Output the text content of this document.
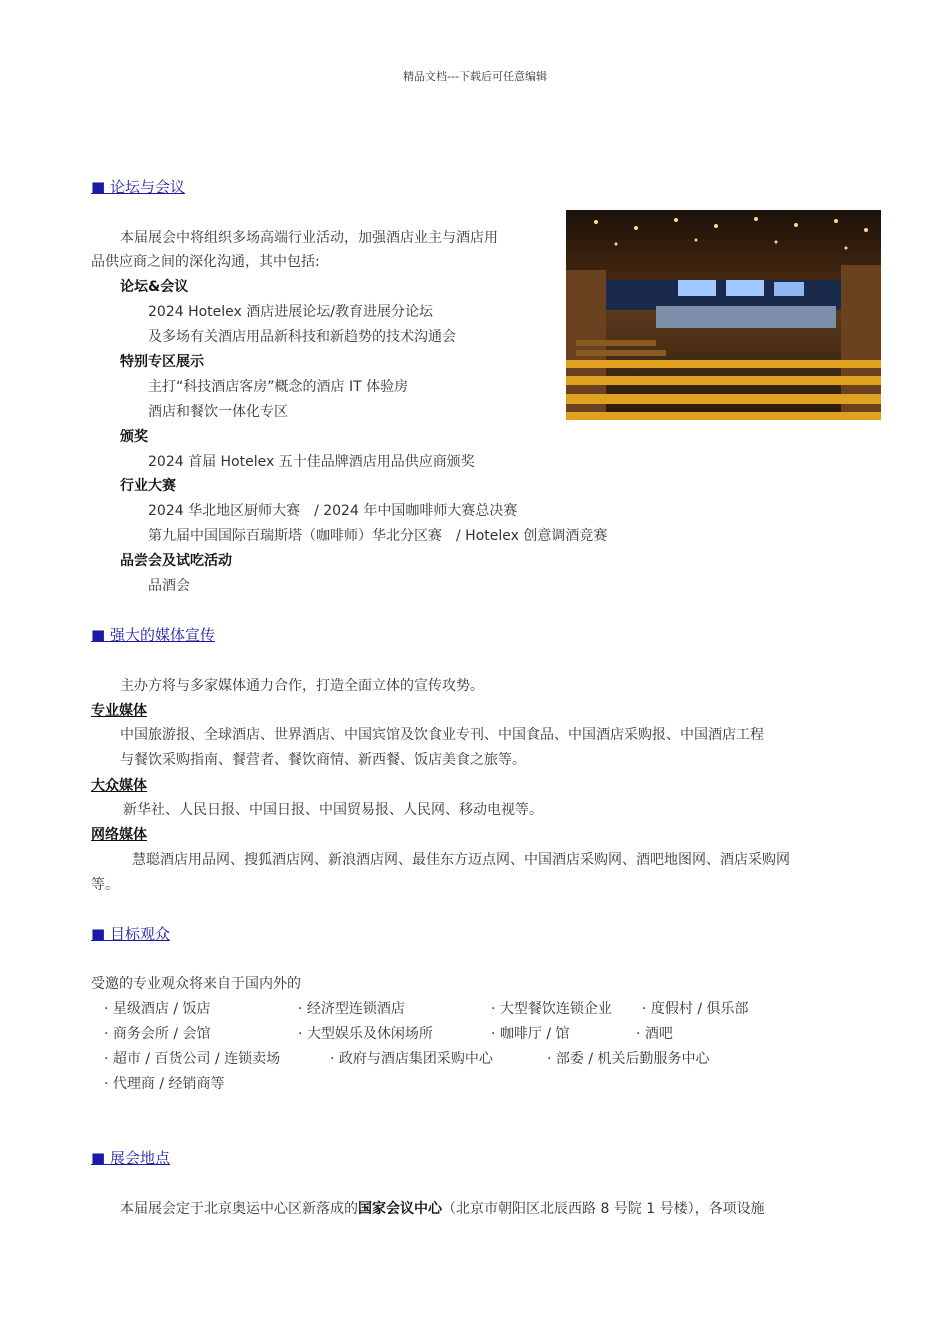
精品文档---下载后可任意编辑
■ 论坛与会议
本届展会中将组织多场高端行业活动，加强酒店业主与酒店用
品供应商之间的深化沟通，其中包括:
论坛&会议
2024 Hotelex 酒店进展论坛/教育进展分论坛
及多场有关酒店用品新科技和新趋势的技术沟通会
特别专区展示
主打“科技酒店客房”概念的酒店 IT 体验房
酒店和餐饮一体化专区
颁奖
2024 首届 Hotelex 五十佳品牌酒店用品供应商颁奖
行业大赛
2024 华北地区厨师大赛　/ 2024 年中国咖啡师大赛总决赛
第九届中国国际百瑞斯塔（咖啡师）华北分区赛　/ Hotelex 创意调酒竞赛
品尝会及试吃活动
品酒会
■ 强大的媒体宣传
主办方将与多家媒体通力合作，打造全面立体的宣传攻势。
专业媒体
中国旅游报、全球酒店、世界酒店、中国宾馆及饮食业专刊、中国食品、中国酒店采购报、中国酒店工程
与餐饮采购指南、餐营者、餐饮商情、新西餐、饭店美食之旅等。
大众媒体
新华社、人民日报、中国日报、中国贸易报、人民网、移动电视等。
网络媒体
慧聪酒店用品网、搜狐酒店网、新浪酒店网、最佳东方迈点网、中国酒店采购网、酒吧地图网、酒店采购网
等。
■ 目标观众
受邀的专业观众将来自于国内外的
· 星级酒店 / 饭店	· 经济型连锁酒店	· 大型餐饮连锁企业 · 度假村 / 俱乐部
· 商务会所 / 会馆	· 大型娱乐及休闲场所	· 咖啡厅 / 馆	· 酒吧
· 超市 / 百货公司 / 连锁卖场	· 政府与酒店集团采购中心	· 部委 / 机关后勤服务中心
· 代理商 / 经销商等
■ 展会地点
本届展会定于北京奥运中心区新落成的国家会议中心（北京市朝阳区北辰西路 8 号院 1 号楼），各项设施
